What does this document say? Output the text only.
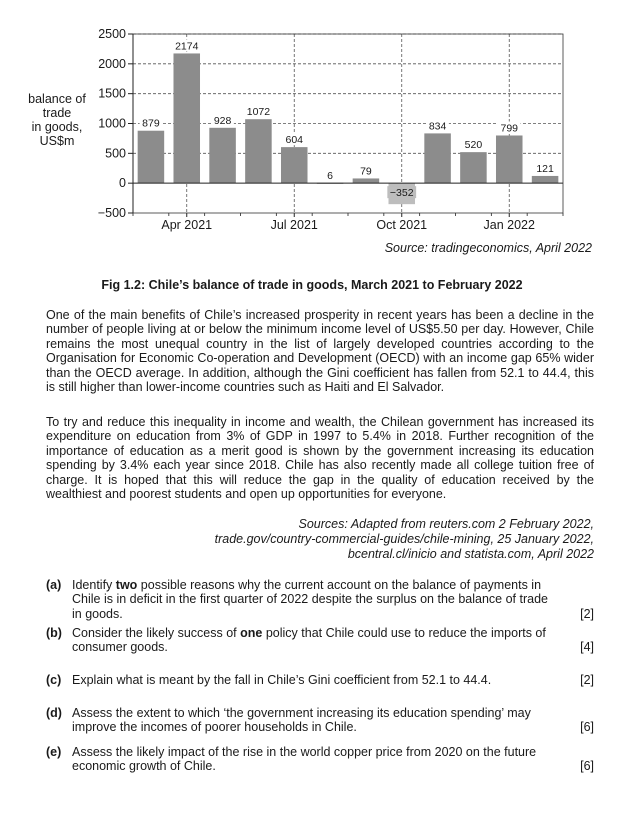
879
2174
928
1072
604
6	79
−352
834
520
799
121
2500
2000
1500
1000
500
0
−500
Apr 2021	Jul 2021	Oct 2021	Jan 2022
balance of
trade
in goods,
US$m
Source: tradingeconomics, April 2022
Fig 1.2: Chile’s balance of trade in goods, March 2021 to February 2022
One of the main benefits of Chile’s increased prosperity in recent years has been a decline in the number of people living at or below the minimum income level of US$5.50 per day. However, Chile remains the most unequal country in the list of largely developed countries according to the Organisation for Economic Co-operation and Development (OECD) with an income gap 65% wider than the OECD average. In addition, although the Gini coefficient has fallen from 52.1 to 44.4, this is still higher than lower-income countries such as Haiti and El Salvador.
To try and reduce this inequality in income and wealth, the Chilean government has increased its expenditure on education from 3% of GDP in 1997 to 5.4% in 2018. Further recognition of the importance of education as a merit good is shown by the government increasing its education spending by 3.4% each year since 2018. Chile has also recently made all college tuition free of charge. It is hoped that this will reduce the gap in the quality of education received by the wealthiest and poorest students and open up opportunities for everyone.
Sources: Adapted from reuters.com 2 February 2022,
trade.gov/country-commercial-guides/chile-mining, 25 January 2022,
bcentral.cl/inicio and statista.com, April 2022
(a) Identify two possible reasons why the current account on the balance of payments in Chile is in deficit in the first quarter of 2022 despite the surplus on the balance of trade in goods.	[2]
(b) Consider the likely success of one policy that Chile could use to reduce the imports of consumer goods.	[4]
(c) Explain what is meant by the fall in Chile’s Gini coefficient from 52.1 to 44.4.	[2]
(d) Assess the extent to which ‘the government increasing its education spending’ may improve the incomes of poorer households in Chile.	[6]
(e) Assess the likely impact of the rise in the world copper price from 2020 on the future economic growth of Chile.	[6]
